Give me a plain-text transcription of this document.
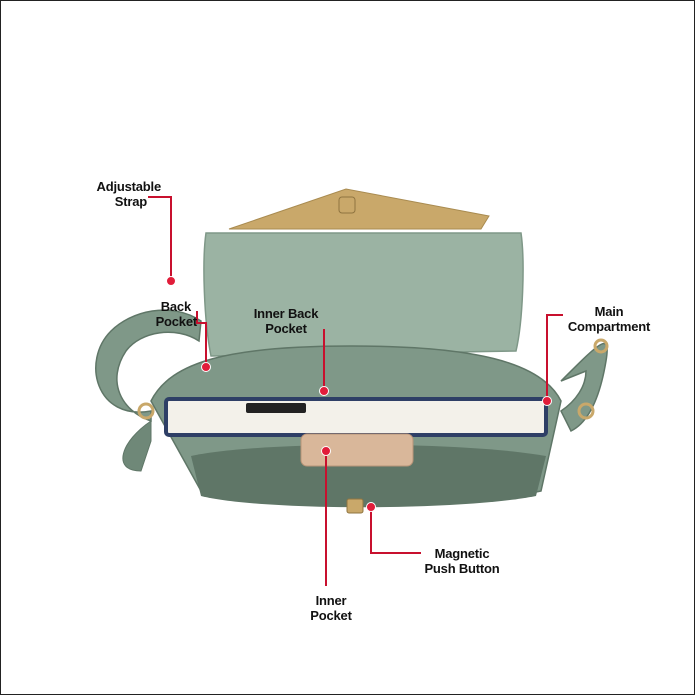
Adjustable
Strap
Back
Pocket
Inner Back
Pocket
Main
Compartment
Magnetic
Push Button
Inner
Pocket
